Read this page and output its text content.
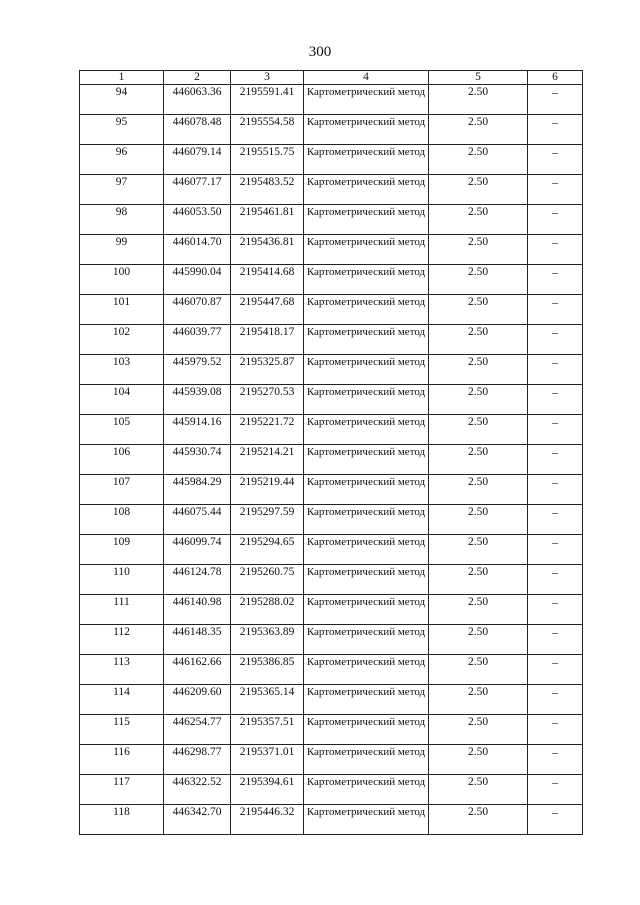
300
1	2	3	4	5	6
94	446063.36	2195591.41	Картометрический метод	2.50	–
95	446078.48	2195554.58	Картометрический метод	2.50	–
96	446079.14	2195515.75	Картометрический метод	2.50	–
97	446077.17	2195483.52	Картометрический метод	2.50	–
98	446053.50	2195461.81	Картометрический метод	2.50	–
99	446014.70	2195436.81	Картометрический метод	2.50	–
100	445990.04	2195414.68	Картометрический метод	2.50	–
101	446070.87	2195447.68	Картометрический метод	2.50	–
102	446039.77	2195418.17	Картометрический метод	2.50	–
103	445979.52	2195325.87	Картометрический метод	2.50	–
104	445939.08	2195270.53	Картометрический метод	2.50	–
105	445914.16	2195221.72	Картометрический метод	2.50	–
106	445930.74	2195214.21	Картометрический метод	2.50	–
107	445984.29	2195219.44	Картометрический метод	2.50	–
108	446075.44	2195297.59	Картометрический метод	2.50	–
109	446099.74	2195294.65	Картометрический метод	2.50	–
110	446124.78	2195260.75	Картометрический метод	2.50	–
111	446140.98	2195288.02	Картометрический метод	2.50	–
112	446148.35	2195363.89	Картометрический метод	2.50	–
113	446162.66	2195386.85	Картометрический метод	2.50	–
114	446209.60	2195365.14	Картометрический метод	2.50	–
115	446254.77	2195357.51	Картометрический метод	2.50	–
116	446298.77	2195371.01	Картометрический метод	2.50	–
117	446322.52	2195394.61	Картометрический метод	2.50	–
118	446342.70	2195446.32	Картометрический метод	2.50	–
